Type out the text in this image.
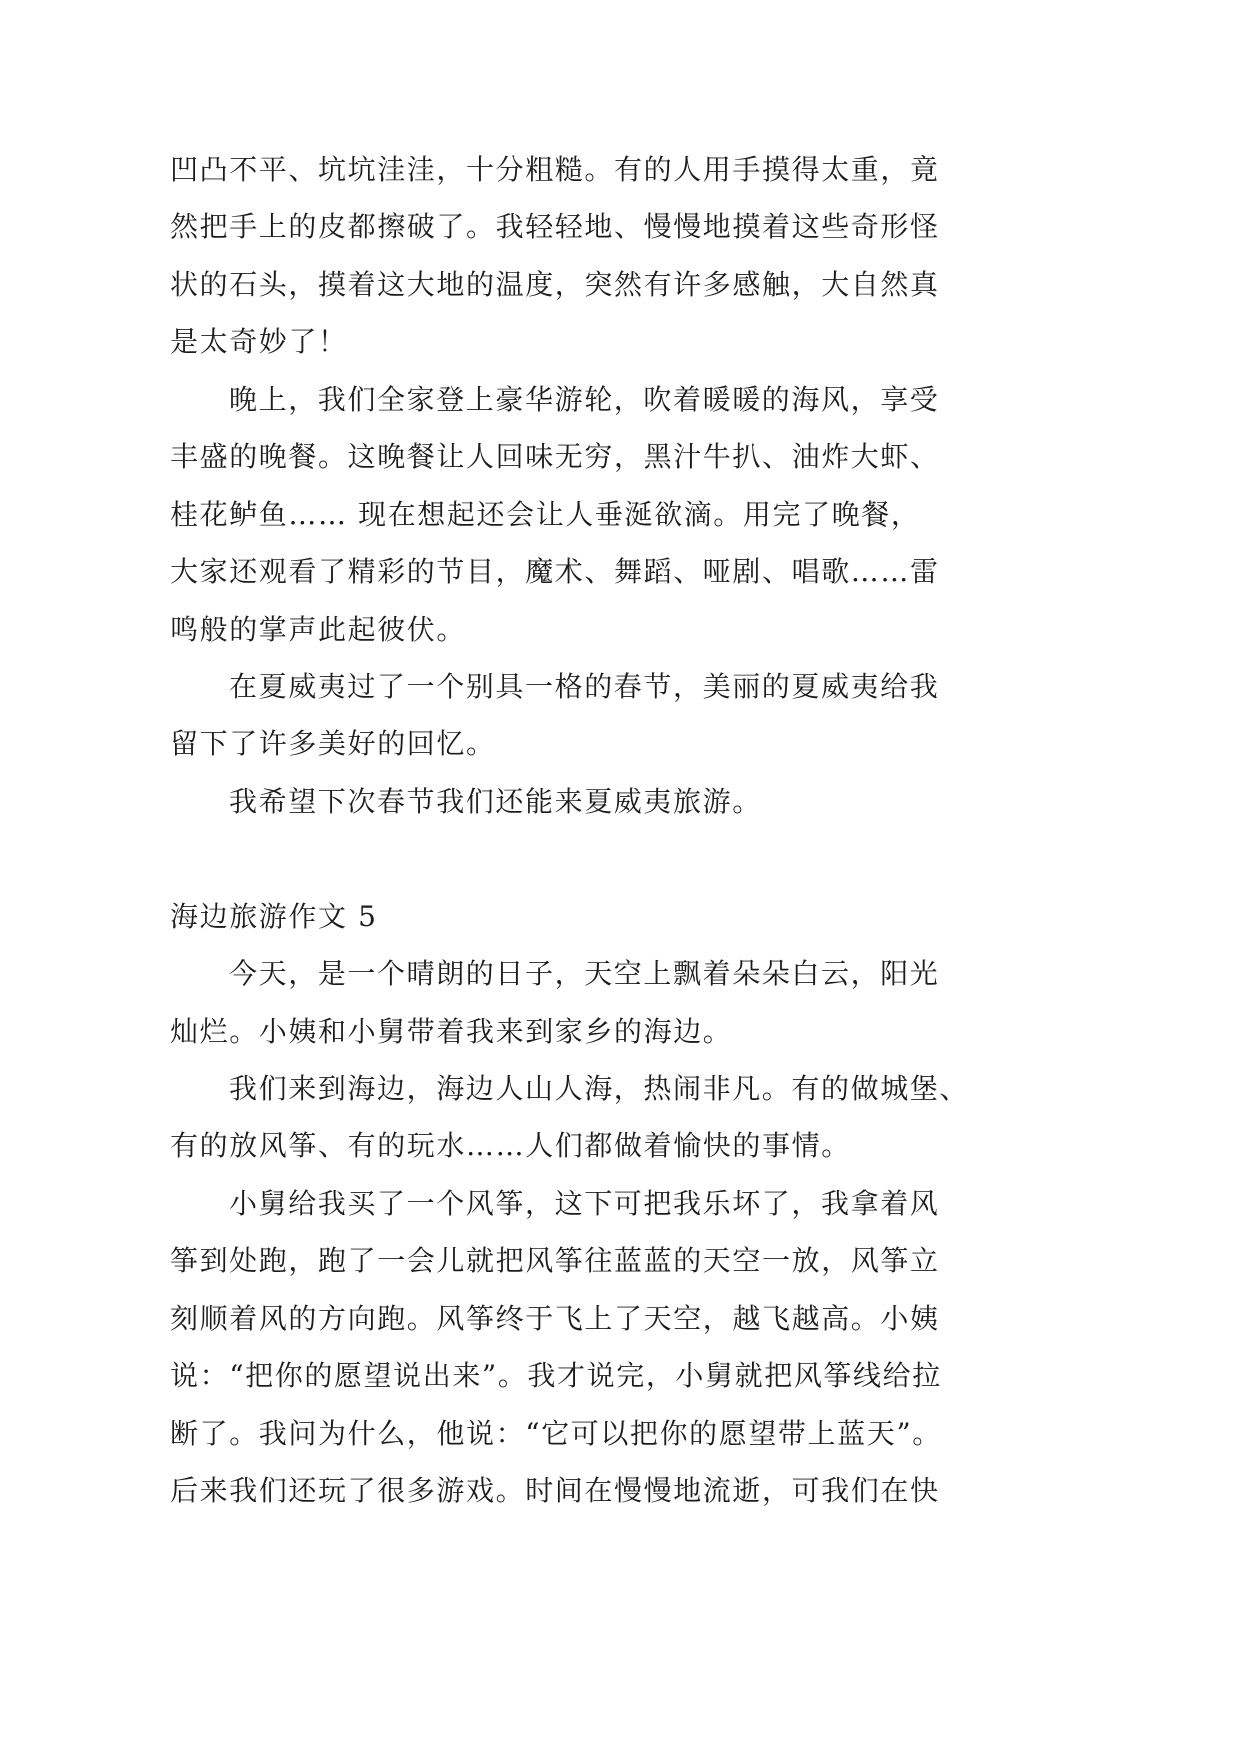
凹凸不平、坑坑洼洼，十分粗糙。有的人用手摸得太重，竟
然把手上的皮都擦破了。我轻轻地、慢慢地摸着这些奇形怪
状的石头，摸着这大地的温度，突然有许多感触，大自然真
是太奇妙了！
晚上，我们全家登上豪华游轮，吹着暖暖的海风，享受
丰盛的晚餐。这晚餐让人回味无穷，黑汁牛扒、油炸大虾、
桂花鲈鱼…… 现在想起还会让人垂涎欲滴。用完了晚餐，
大家还观看了精彩的节目，魔术、舞蹈、哑剧、唱歌……雷
鸣般的掌声此起彼伏。
在夏威夷过了一个别具一格的春节，美丽的夏威夷给我
留下了许多美好的回忆。
我希望下次春节我们还能来夏威夷旅游。
海边旅游作文 5
今天，是一个晴朗的日子，天空上飘着朵朵白云，阳光
灿烂。小姨和小舅带着我来到家乡的海边。
我们来到海边，海边人山人海，热闹非凡。有的做城堡、
有的放风筝、有的玩水……人们都做着愉快的事情。
小舅给我买了一个风筝，这下可把我乐坏了，我拿着风
筝到处跑，跑了一会儿就把风筝往蓝蓝的天空一放，风筝立
刻顺着风的方向跑。风筝终于飞上了天空，越飞越高。小姨
说：“把你的愿望说出来”。我才说完，小舅就把风筝线给拉
断了。我问为什么，他说：“它可以把你的愿望带上蓝天”。
后来我们还玩了很多游戏。时间在慢慢地流逝，可我们在快
